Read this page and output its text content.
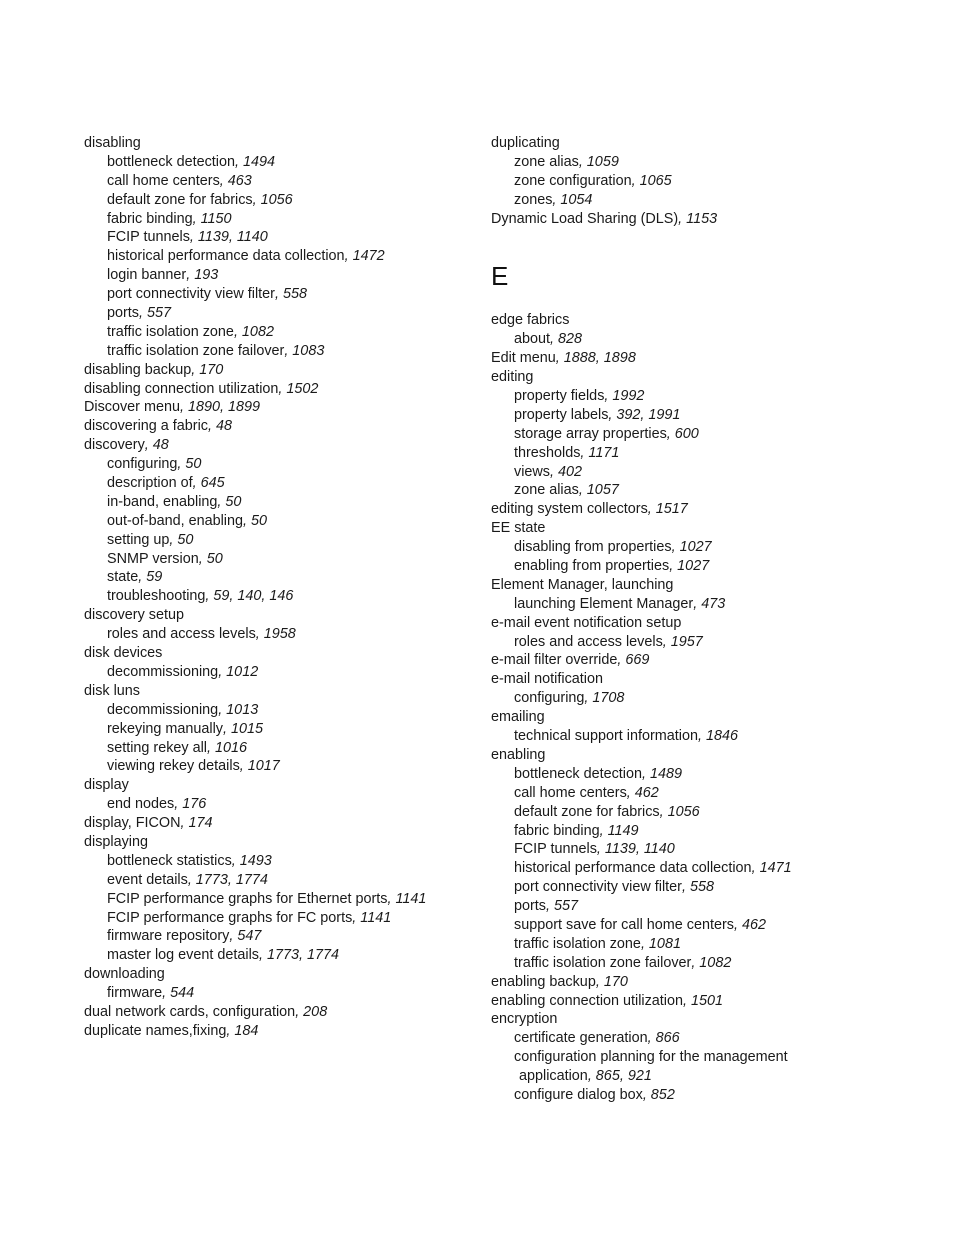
disabling
bottleneck detection, 1494
call home centers, 463
default zone for fabrics, 1056
fabric binding, 1150
FCIP tunnels, 1139, 1140
historical performance data collection, 1472
login banner, 193
port connectivity view filter, 558
ports, 557
traffic isolation zone, 1082
traffic isolation zone failover, 1083
disabling backup, 170
disabling connection utilization, 1502
Discover menu, 1890, 1899
discovering a fabric, 48
discovery, 48
configuring, 50
description of, 645
in-band, enabling, 50
out-of-band, enabling, 50
setting up, 50
SNMP version, 50
state, 59
troubleshooting, 59, 140, 146
discovery setup
roles and access levels, 1958
disk devices
decommissioning, 1012
disk luns
decommissioning, 1013
rekeying manually, 1015
setting rekey all, 1016
viewing rekey details, 1017
display
end nodes, 176
display, FICON, 174
displaying
bottleneck statistics, 1493
event details, 1773, 1774
FCIP performance graphs for Ethernet ports, 1141
FCIP performance graphs for FC ports, 1141
firmware repository, 547
master log event details, 1773, 1774
downloading
firmware, 544
dual network cards, configuration, 208
duplicate names,fixing, 184
duplicating
zone alias, 1059
zone configuration, 1065
zones, 1054
Dynamic Load Sharing (DLS), 1153
E
edge fabrics
about, 828
Edit menu, 1888, 1898
editing
property fields, 1992
property labels, 392, 1991
storage array properties, 600
thresholds, 1171
views, 402
zone alias, 1057
editing system collectors, 1517
EE state
disabling from properties, 1027
enabling from properties, 1027
Element Manager, launching
launching Element Manager, 473
e-mail event notification setup
roles and access levels, 1957
e-mail filter override, 669
e-mail notification
configuring, 1708
emailing
technical support information, 1846
enabling
bottleneck detection, 1489
call home centers, 462
default zone for fabrics, 1056
fabric binding, 1149
FCIP tunnels, 1139, 1140
historical performance data collection, 1471
port connectivity view filter, 558
ports, 557
support save for call home centers, 462
traffic isolation zone, 1081
traffic isolation zone failover, 1082
enabling backup, 170
enabling connection utilization, 1501
encryption
certificate generation, 866
configuration planning for the management
application, 865, 921
configure dialog box, 852
